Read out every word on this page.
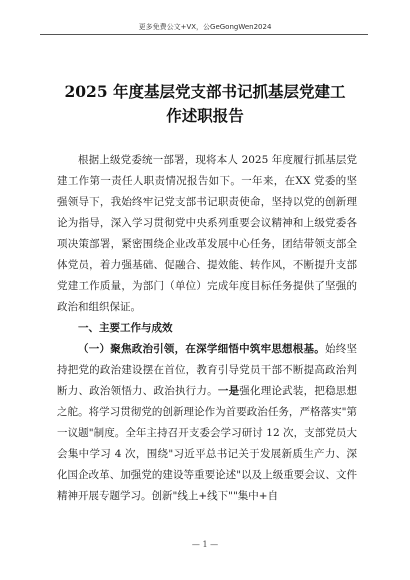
更多免费公文+VX，公GeGongWen2024
2025 年度基层党支部书记抓基层党建工
作述职报告

根据上级党委统一部署，现将本人 2025 年度履行抓基层党建工作第一责任人职责情况报告如下。一年来，在XX 党委的坚强领导下，我始终牢记党支部书记职责使命，坚持以党的创新理论为指导，深入学习贯彻党中央系列重要会议精神和上级党委各项决策部署，紧密围绕企业改革发展中心任务，团结带领支部全体党员，着力强基础、促融合、提效能、转作风，不断提升支部党建工作质量，为部门（单位）完成年度目标任务提供了坚强的政治和组织保证。

一、主要工作与成效

（一）聚焦政治引领，在深学细悟中筑牢思想根基。始终坚持把党的政治建设摆在首位，教育引导党员干部不断提高政治判断力、政治领悟力、政治执行力。一是强化理论武装，把稳思想之舵。将学习贯彻党的创新理论作为首要政治任务，严格落实"第一议题"制度。全年主持召开支委会学习研讨 12 次，支部党员大会集中学习 4 次，围绕"习近平总书记关于发展新质生产力、深化国企改革、加强党的建设等重要论述"以及上级重要会议、文件精神开展专题学习。创新"线上+线下""集中+自

— 1 —
